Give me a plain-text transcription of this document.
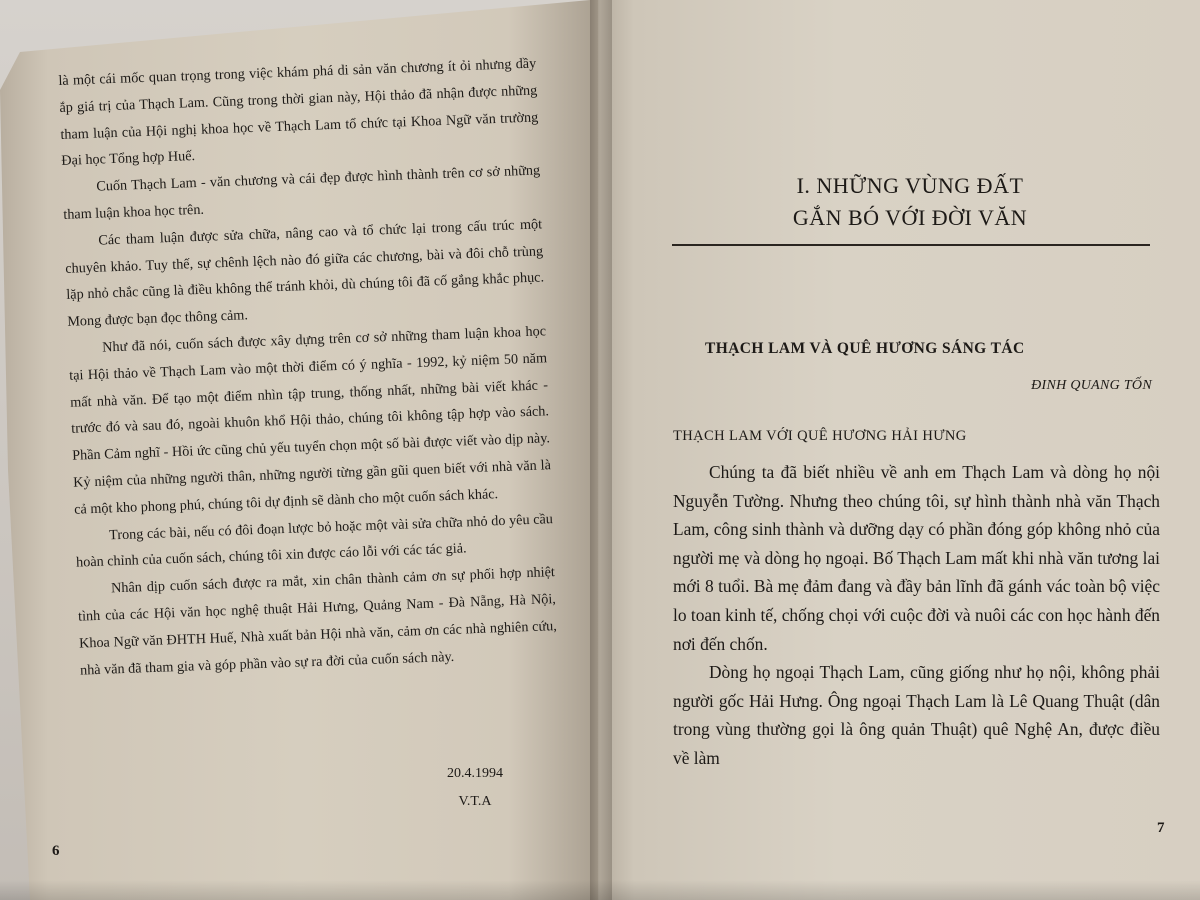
là một cái mốc quan trọng trong việc khám phá di sản văn chương ít ỏi nhưng dầy ắp giá trị của Thạch Lam. Cũng trong thời gian này, Hội thảo đã nhận được những tham luận của Hội nghị khoa học về Thạch Lam tổ chức tại Khoa Ngữ văn trường Đại học Tổng hợp Huế.

Cuốn Thạch Lam - văn chương và cái đẹp được hình thành trên cơ sở những tham luận khoa học trên.

Các tham luận được sửa chữa, nâng cao và tổ chức lại trong cấu trúc một chuyên khảo. Tuy thế, sự chênh lệch nào đó giữa các chương, bài và đôi chỗ trùng lặp nhỏ chắc cũng là điều không thể tránh khỏi, dù chúng tôi đã cố gắng khắc phục. Mong được bạn đọc thông cảm.

Như đã nói, cuốn sách được xây dựng trên cơ sở những tham luận khoa học tại Hội thảo về Thạch Lam vào một thời điểm có ý nghĩa - 1992, kỷ niệm 50 năm mất nhà văn. Để tạo một điểm nhìn tập trung, thống nhất, những bài viết khác - trước đó và sau đó, ngoài khuôn khổ Hội thảo, chúng tôi không tập hợp vào sách. Phần Cảm nghĩ - Hồi ức cũng chủ yếu tuyển chọn một số bài được viết vào dịp này. Kỷ niệm của những người thân, những người từng gần gũi quen biết với nhà văn là cả một kho phong phú, chúng tôi dự định sẽ dành cho một cuốn sách khác.

Trong các bài, nếu có đôi đoạn lược bỏ hoặc một vài sửa chữa nhỏ do yêu cầu hoàn chỉnh của cuốn sách, chúng tôi xin được cáo lỗi với các tác giả.

Nhân dịp cuốn sách được ra mắt, xin chân thành cảm ơn sự phối hợp nhiệt tình của các Hội văn học nghệ thuật Hải Hưng, Quảng Nam - Đà Nẵng, Hà Nội, Khoa Ngữ văn ĐHTH Huế, Nhà xuất bản Hội nhà văn, cảm ơn các nhà nghiên cứu, nhà văn đã tham gia và góp phần vào sự ra đời của cuốn sách này.

20.4.1994
V.T.A
6
I. NHỮNG VÙNG ĐẤT
GẮN BÓ VỚI ĐỜI VĂN
THẠCH LAM VÀ QUÊ HƯƠNG SÁNG TÁC
ĐINH QUANG TỐN
THẠCH LAM VỚI QUÊ HƯƠNG HẢI HƯNG

Chúng ta đã biết nhiều về anh em Thạch Lam và dòng họ nội Nguyễn Tường. Nhưng theo chúng tôi, sự hình thành nhà văn Thạch Lam, công sinh thành và dưỡng dạy có phần đóng góp không nhỏ của người mẹ và dòng họ ngoại. Bố Thạch Lam mất khi nhà văn tương lai mới 8 tuổi. Bà mẹ đảm đang và đầy bản lĩnh đã gánh vác toàn bộ việc lo toan kinh tế, chống chọi với cuộc đời và nuôi các con học hành đến nơi đến chốn.

Dòng họ ngoại Thạch Lam, cũng giống như họ nội, không phải người gốc Hải Hưng. Ông ngoại Thạch Lam là Lê Quang Thuật (dân trong vùng thường gọi là ông quản Thuật) quê Nghệ An, được điều về làm

7
